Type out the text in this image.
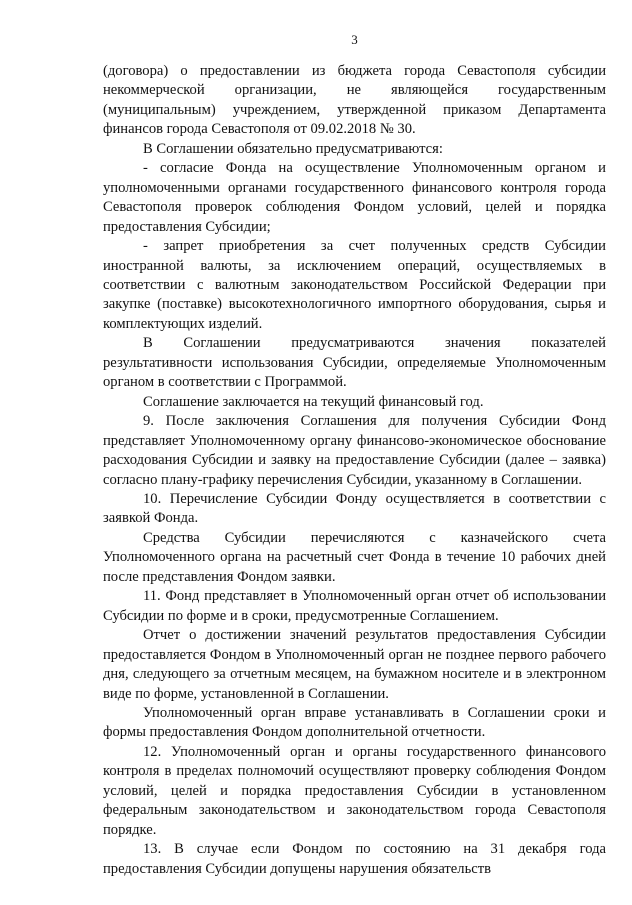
3

(договора) о предоставлении из бюджета города Севастополя субсидии некоммерческой организации, не являющейся государственным (муниципальным) учреждением, утвержденной приказом Департамента финансов города Севастополя от 09.02.2018 № 30.

В Соглашении обязательно предусматриваются:

- согласие Фонда на осуществление Уполномоченным органом и уполномоченными органами государственного финансового контроля города Севастополя проверок соблюдения Фондом условий, целей и порядка предоставления Субсидии;

- запрет приобретения за счет полученных средств Субсидии иностранной валюты, за исключением операций, осуществляемых в соответствии с валютным законодательством Российской Федерации при закупке (поставке) высокотехнологичного импортного оборудования, сырья и комплектующих изделий.

В Соглашении предусматриваются значения показателей результативности использования Субсидии, определяемые Уполномоченным органом в соответствии с Программой.

Соглашение заключается на текущий финансовый год.

9. После заключения Соглашения для получения Субсидии Фонд представляет Уполномоченному органу финансово-экономическое обоснование расходования Субсидии и заявку на предоставление Субсидии (далее – заявка) согласно плану-графику перечисления Субсидии, указанному в Соглашении.

10. Перечисление Субсидии Фонду осуществляется в соответствии с заявкой Фонда.

Средства Субсидии перечисляются с казначейского счета Уполномоченного органа на расчетный счет Фонда в течение 10 рабочих дней после представления Фондом заявки.

11. Фонд представляет в Уполномоченный орган отчет об использовании Субсидии по форме и в сроки, предусмотренные Соглашением.

Отчет о достижении значений результатов предоставления Субсидии предоставляется Фондом в Уполномоченный орган не позднее первого рабочего дня, следующего за отчетным месяцем, на бумажном носителе и в электронном виде по форме, установленной в Соглашении.

Уполномоченный орган вправе устанавливать в Соглашении сроки и формы предоставления Фондом дополнительной отчетности.

12. Уполномоченный орган и органы государственного финансового контроля в пределах полномочий осуществляют проверку соблюдения Фондом условий, целей и порядка предоставления Субсидии в установленном федеральным законодательством и законодательством города Севастополя порядке.

13. В случае если Фондом по состоянию на 31 декабря года предоставления Субсидии допущены нарушения обязательств
